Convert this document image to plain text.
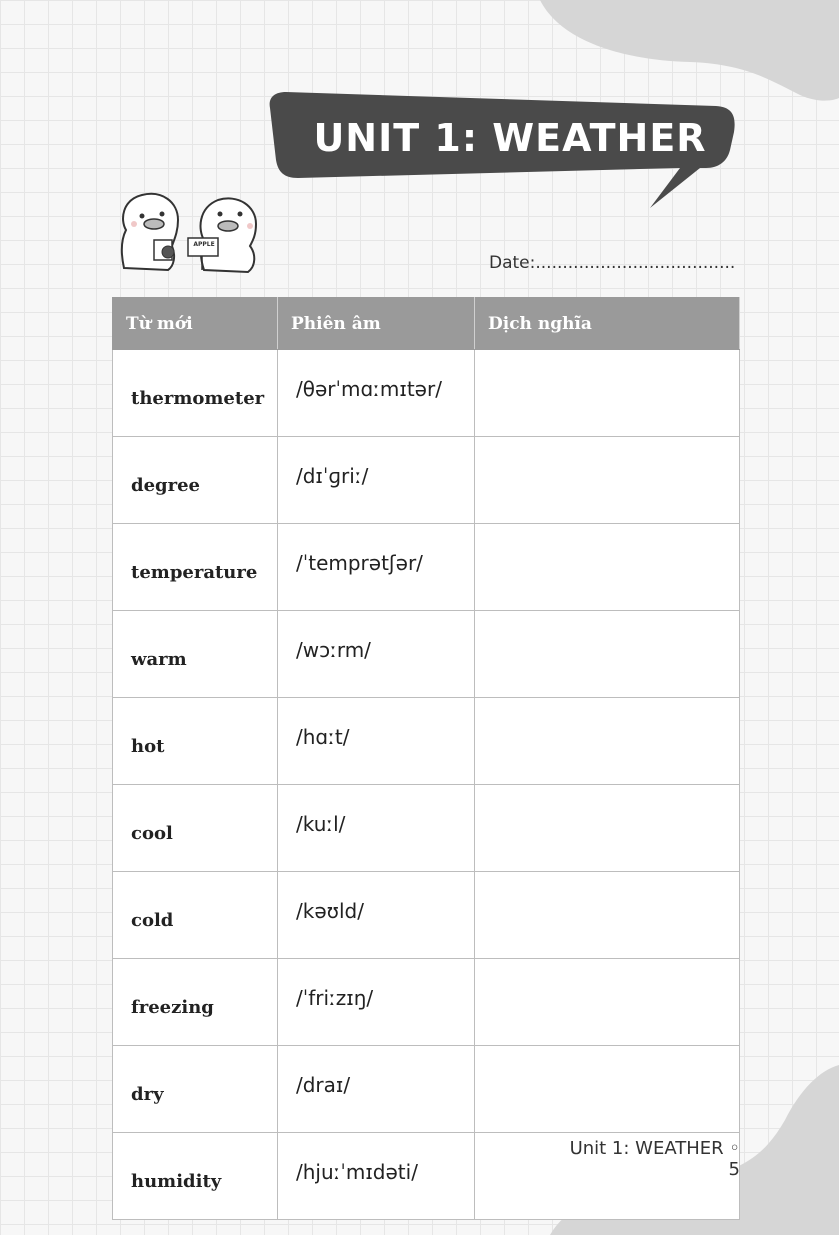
UNIT 1: WEATHER
APPLE
Date:.....................................
Từ mới	Phiên âm	Dịch nghĩa
thermometer	/θərˈmɑːmɪtər/	
degree	/dɪˈɡriː/	
temperature	/ˈtemprətʃər/	
warm	/wɔːrm/	
hot	/hɑːt/	
cool	/kuːl/	
cold	/kəʊld/	
freezing	/ˈfriːzɪŋ/	
dry	/draɪ/	
humidity	/hjuːˈmɪdəti/	
Unit 1: WEATHER ◦ 5
